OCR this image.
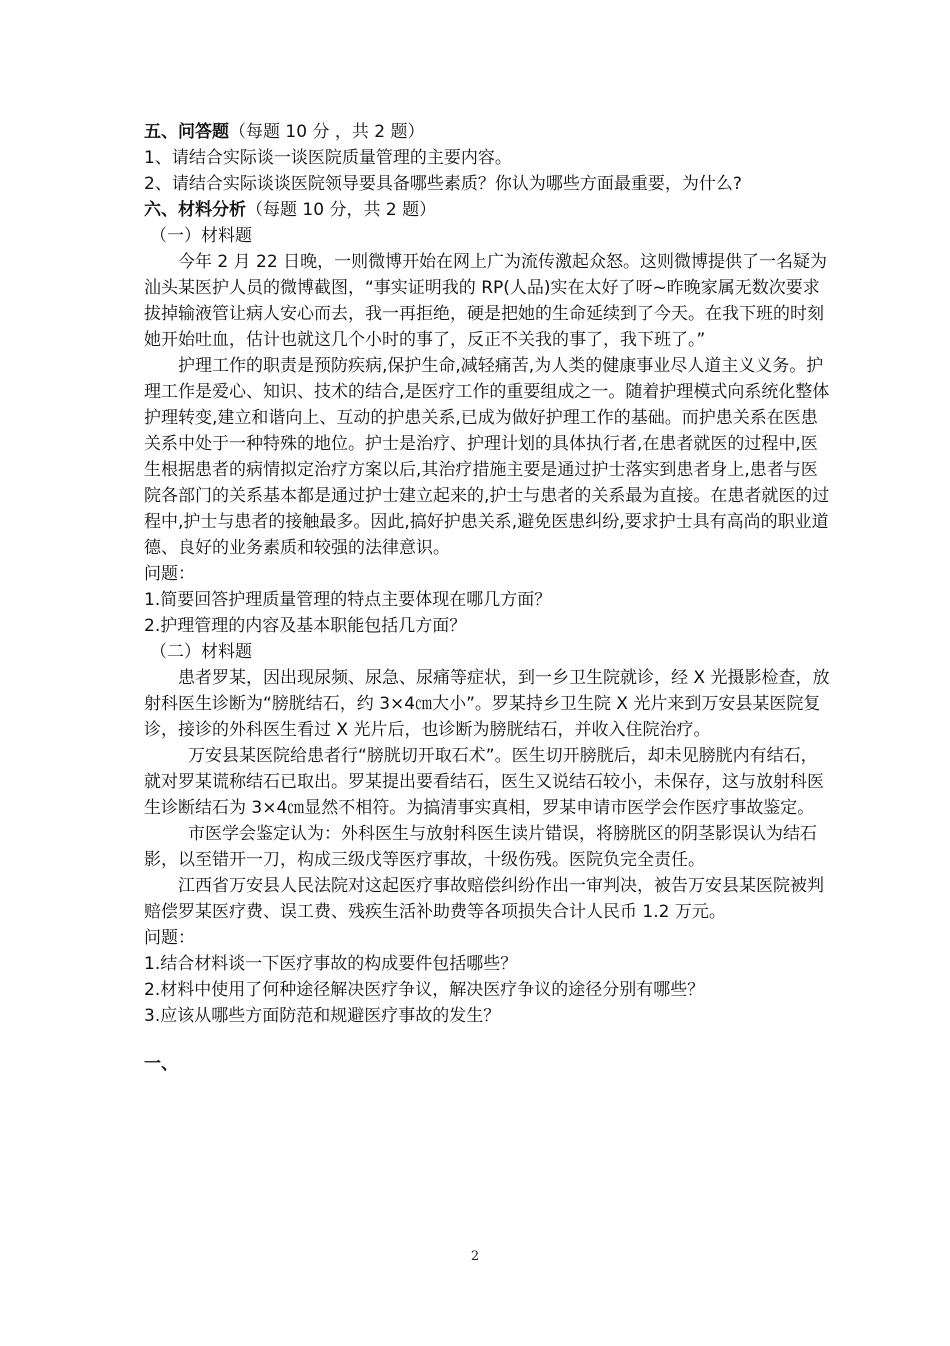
五、问答题（每题 10 分 ，共 2 题）

1、请结合实际谈一谈医院质量管理的主要内容。

2、请结合实际谈谈医院领导要具备哪些素质？你认为哪些方面最重要，为什么?

六、材料分析（每题 10 分，共 2 题）

（一）材料题

今年 2 月 22 日晚，一则微博开始在网上广为流传激起众怒。这则微博提供了一名疑为汕头某医护人员的微博截图，“事实证明我的 RP(人品)实在太好了呀~昨晚家属无数次要求拔掉输液管让病人安心而去，我一再拒绝，硬是把她的生命延续到了今天。在我下班的时刻她开始吐血，估计也就这几个小时的事了，反正不关我的事了，我下班了。”

护理工作的职责是预防疾病,保护生命,减轻痛苦,为人类的健康事业尽人道主义义务。护理工作是爱心、知识、技术的结合,是医疗工作的重要组成之一。随着护理模式向系统化整体护理转变,建立和谐向上、互动的护患关系,已成为做好护理工作的基础。而护患关系在医患关系中处于一种特殊的地位。护士是治疗、护理计划的具体执行者,在患者就医的过程中,医生根据患者的病情拟定治疗方案以后,其治疗措施主要是通过护士落实到患者身上,患者与医院各部门的关系基本都是通过护士建立起来的,护士与患者的关系最为直接。在患者就医的过程中,护士与患者的接触最多。因此,搞好护患关系,避免医患纠纷,要求护士具有高尚的职业道德、良好的业务素质和较强的法律意识。

问题：

1.简要回答护理质量管理的特点主要体现在哪几方面？

2.护理管理的内容及基本职能包括几方面？

（二）材料题

患者罗某，因出现尿频、尿急、尿痛等症状，到一乡卫生院就诊，经 X 光摄影检查，放射科医生诊断为“膀胱结石，约 3×4㎝大小”。罗某持乡卫生院 X 光片来到万安县某医院复诊，接诊的外科医生看过 X 光片后，也诊断为膀胱结石，并收入住院治疗。

万安县某医院给患者行“膀胱切开取石术”。医生切开膀胱后，却未见膀胱内有结石，就对罗某谎称结石已取出。罗某提出要看结石，医生又说结石较小，未保存，这与放射科医生诊断结石为 3×4㎝显然不相符。为搞清事实真相，罗某申请市医学会作医疗事故鉴定。

市医学会鉴定认为：外科医生与放射科医生读片错误，将膀胱区的阴茎影误认为结石影，以至错开一刀，构成三级戊等医疗事故，十级伤残。医院负完全责任。

江西省万安县人民法院对这起医疗事故赔偿纠纷作出一审判决，被告万安县某医院被判赔偿罗某医疗费、误工费、残疾生活补助费等各项损失合计人民币 1.2 万元。

问题：

1.结合材料谈一下医疗事故的构成要件包括哪些？

2.材料中使用了何种途径解决医疗争议，解决医疗争议的途径分别有哪些？

3.应该从哪些方面防范和规避医疗事故的发生？

一、

2
